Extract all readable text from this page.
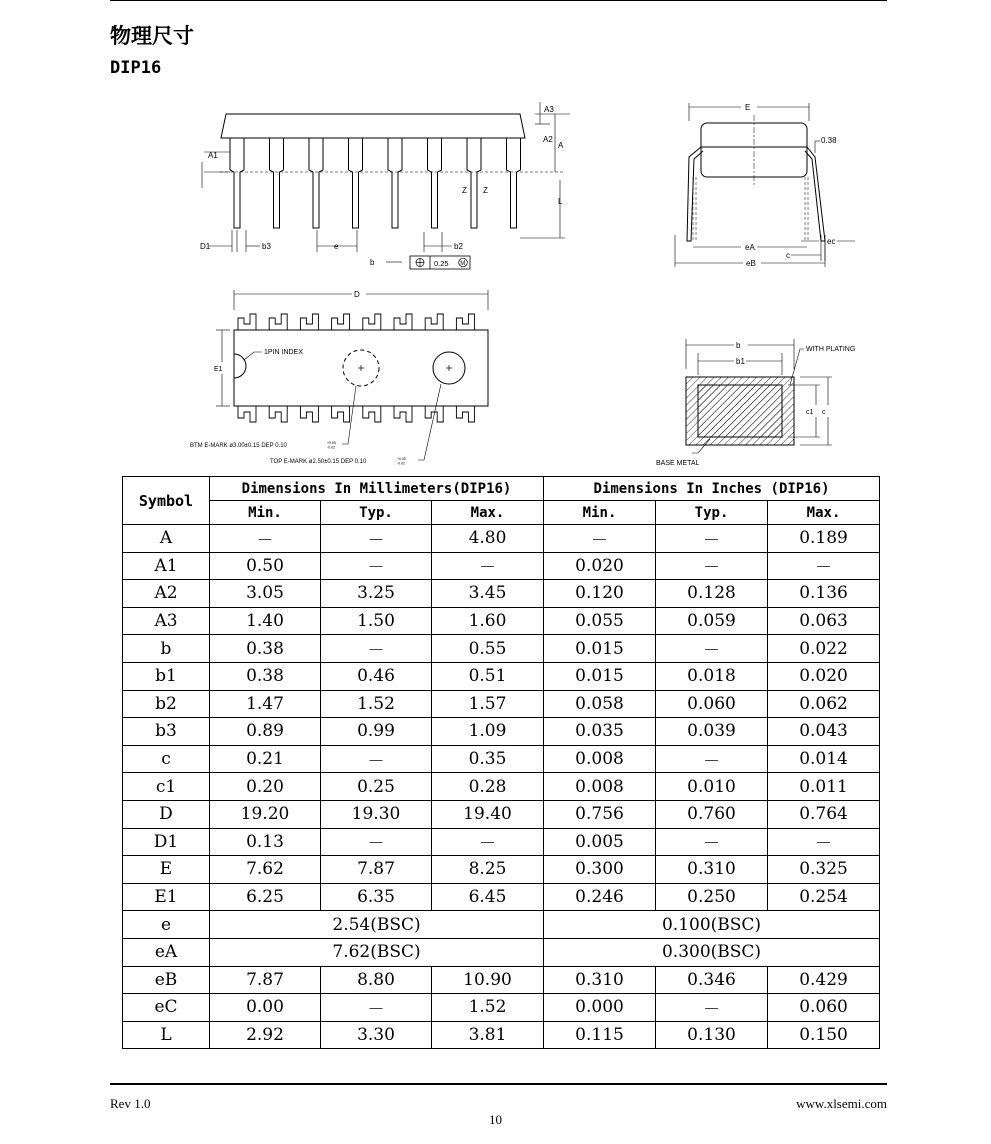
物理尺寸
DIP16
A3
A2
A
A1
L
Z Z
D1	b3	e	b2
b	0.25 M
E
0.38
eA
eB
ec
c
D
E1
1PIN INDEX
BTM E-MARK ø3.00±0.15 DEP 0.10	+0.05
-0.02
TOP E-MARK ø2.50±0.15 DEP 0.10	+0.05
-0.02
b
b1
WITH PLATING
c1 c
BASE METAL
Symbol	Dimensions In Millimeters(DIP16)			Dimensions In Inches (DIP16)		
	Min.	Typ.	Max.	Min.	Typ.	Max.
A	－	－	4.80	－	－	0.189
A1	0.50	－	－	0.020	－	－
A2	3.05	3.25	3.45	0.120	0.128	0.136
A3	1.40	1.50	1.60	0.055	0.059	0.063
b	0.38	－	0.55	0.015	－	0.022
b1	0.38	0.46	0.51	0.015	0.018	0.020
b2	1.47	1.52	1.57	0.058	0.060	0.062
b3	0.89	0.99	1.09	0.035	0.039	0.043
c	0.21	－	0.35	0.008	－	0.014
c1	0.20	0.25	0.28	0.008	0.010	0.011
D	19.20	19.30	19.40	0.756	0.760	0.764
D1	0.13	－	－	0.005	－	－
E	7.62	7.87	8.25	0.300	0.310	0.325
E1	6.25	6.35	6.45	0.246	0.250	0.254
e	2.54(BSC)			0.100(BSC)		
eA	7.62(BSC)			0.300(BSC)		
eB	7.87	8.80	10.90	0.310	0.346	0.429
eC	0.00	－	1.52	0.000	－	0.060
L	2.92	3.30	3.81	0.115	0.130	0.150
Rev 1.0
10
www.xlsemi.com
